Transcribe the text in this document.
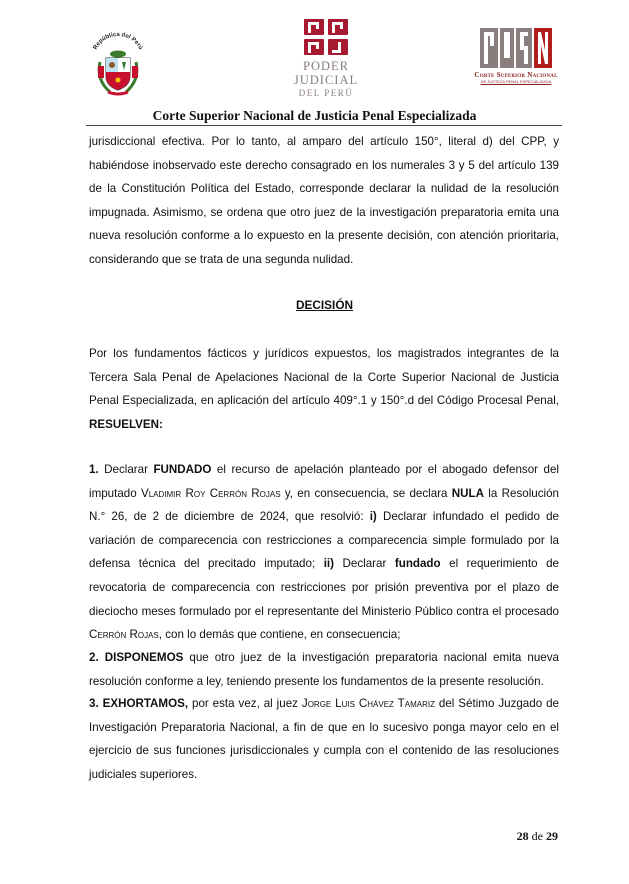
República del Perú
PODER JUDICIAL
DEL PERÚ
Corte Superior Nacional
DE JUSTICIA PENAL ESPECIALIZADA
Corte Superior Nacional de Justicia Penal Especializada

jurisdiccional efectiva. Por lo tanto, al amparo del artículo 150°, literal d) del CPP, y habiéndose inobservado este derecho consagrado en los numerales 3 y 5 del artículo 139 de la Constitución Política del Estado, corresponde declarar la nulidad de la resolución impugnada. Asimismo, se ordena que otro juez de la investigación preparatoria emita una nueva resolución conforme a lo expuesto en la presente decisión, con atención prioritaria, considerando que se trata de una segunda nulidad.

DECISIÓN

Por los fundamentos fácticos y jurídicos expuestos, los magistrados integrantes de la Tercera Sala Penal de Apelaciones Nacional de la Corte Superior Nacional de Justicia Penal Especializada, en aplicación del artículo 409°.1 y 150°.d del Código Procesal Penal, RESUELVEN:

1. Declarar FUNDADO el recurso de apelación planteado por el abogado defensor del imputado Vladimir Roy Cerrón Rojas y, en consecuencia, se declara NULA la Resolución N.° 26, de 2 de diciembre de 2024, que resolvió: i) Declarar infundado el pedido de variación de comparecencia con restricciones a comparecencia simple formulado por la defensa técnica del precitado imputado; ii) Declarar fundado el requerimiento de revocatoria de comparecencia con restricciones por prisión preventiva por el plazo de dieciocho meses formulado por el representante del Ministerio Público contra el procesado Cerrón Rojas, con lo demás que contiene, en consecuencia;

2. DISPONEMOS que otro juez de la investigación preparatoria nacional emita nueva resolución conforme a ley, teniendo presente los fundamentos de la presente resolución.

3. EXHORTAMOS, por esta vez, al juez Jorge Luis Chávez Tamariz del Sétimo Juzgado de Investigación Preparatoria Nacional, a fin de que en lo sucesivo ponga mayor celo en el ejercicio de sus funciones jurisdiccionales y cumpla con el contenido de las resoluciones judiciales superiores.

28 de 29
